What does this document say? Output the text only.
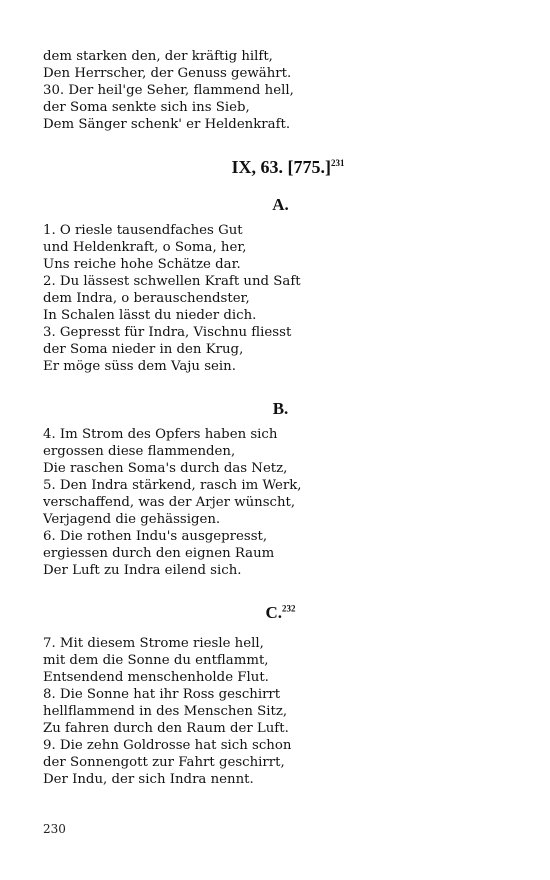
dem starken den, der kräftig hilft,

Den Herrscher, der Genuss gewährt.

30. Der heil'ge Seher, flammend hell,

der Soma senkte sich ins Sieb,

Dem Sänger schenk' er Heldenkraft.

IX, 63. $[775.]^{231}$
A.

1. O riesle tausendfaches Gut

und Heldenkraft, o Soma, her,

Uns reiche hohe Schätze dar.

2. Du lässest schwellen Kraft und Saft

dem Indra, o berauschendster,

In Schalen lässt du nieder dich.

3. Gepresst für Indra, Vischnu fliesst

der Soma nieder in den Krug,

Er möge süss dem Vaju sein.

B.

4. Im Strom des Opfers haben sich

ergossen diese flammenden,

Die raschen Soma's durch das Netz,

5. Den Indra stärkend, rasch im Werk,

verschaffend, was der Arjer wünscht,

Verjagend die gehässigen.

6. Die rothen Indu's ausgepresst,

ergiessen durch den eignen Raum

Der Luft zu Indra eilend sich.

C.$^{232}$

7. Mit diesem Strome riesle hell,

mit dem die Sonne du entflammt,

Entsendend menschenholde Flut.

8. Die Sonne hat ihr Ross geschirrt

hellflammend in des Menschen Sitz,

Zu fahren durch den Raum der Luft.

9. Die zehn Goldrosse hat sich schon

der Sonnengott zur Fahrt geschirrt,

Der Indu, der sich Indra nennt.

230
